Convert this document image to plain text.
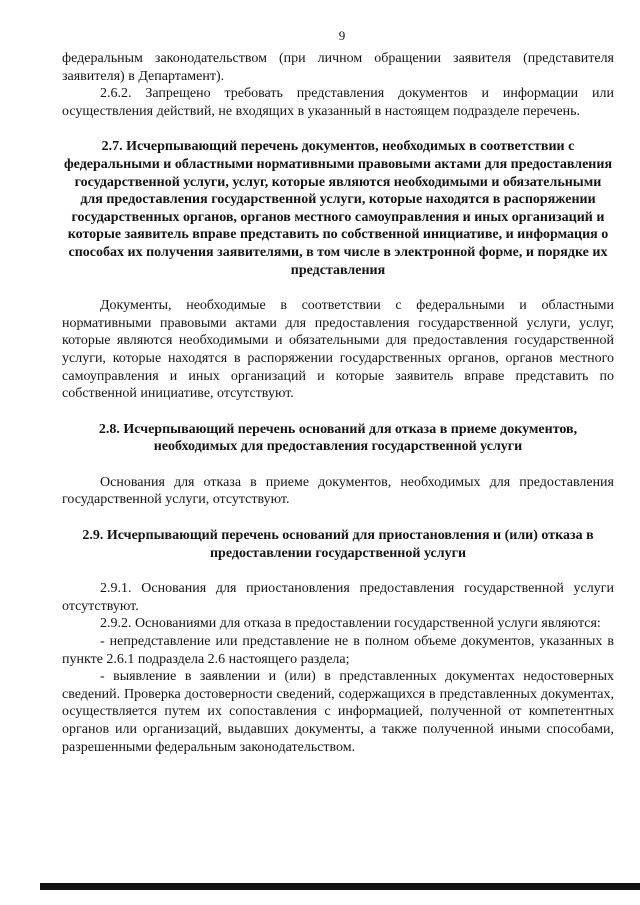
9

федеральным законодательством (при личном обращении заявителя (представителя заявителя) в Департамент).

2.6.2. Запрещено требовать представления документов и информации или осуществления действий, не входящих в указанный в настоящем подразделе перечень.

2.7. Исчерпывающий перечень документов, необходимых в соответствии с федеральными и областными нормативными правовыми актами для предоставления государственной услуги, услуг, которые являются необходимыми и обязательными для предоставления государственной услуги, которые находятся в распоряжении государственных органов, органов местного самоуправления и иных организаций и которые заявитель вправе представить по собственной инициативе, и информация о способах их получения заявителями, в том числе в электронной форме, и порядке их представления

Документы, необходимые в соответствии с федеральными и областными нормативными правовыми актами для предоставления государственной услуги, услуг, которые являются необходимыми и обязательными для предоставления государственной услуги, которые находятся в распоряжении государственных органов, органов местного самоуправления и иных организаций и которые заявитель вправе представить по собственной инициативе, отсутствуют.

2.8. Исчерпывающий перечень оснований для отказа в приеме документов, необходимых для предоставления государственной услуги

Основания для отказа в приеме документов, необходимых для предоставления государственной услуги, отсутствуют.

2.9. Исчерпывающий перечень оснований для приостановления и (или) отказа в предоставлении государственной услуги

2.9.1. Основания для приостановления предоставления государственной услуги отсутствуют.

2.9.2. Основаниями для отказа в предоставлении государственной услуги являются:

- непредставление или представление не в полном объеме документов, указанных в пункте 2.6.1 подраздела 2.6 настоящего раздела;

- выявление в заявлении и (или) в представленных документах недостоверных сведений. Проверка достоверности сведений, содержащихся в представленных документах, осуществляется путем их сопоставления с информацией, полученной от компетентных органов или организаций, выдавших документы, а также полученной иными способами, разрешенными федеральным законодательством.
